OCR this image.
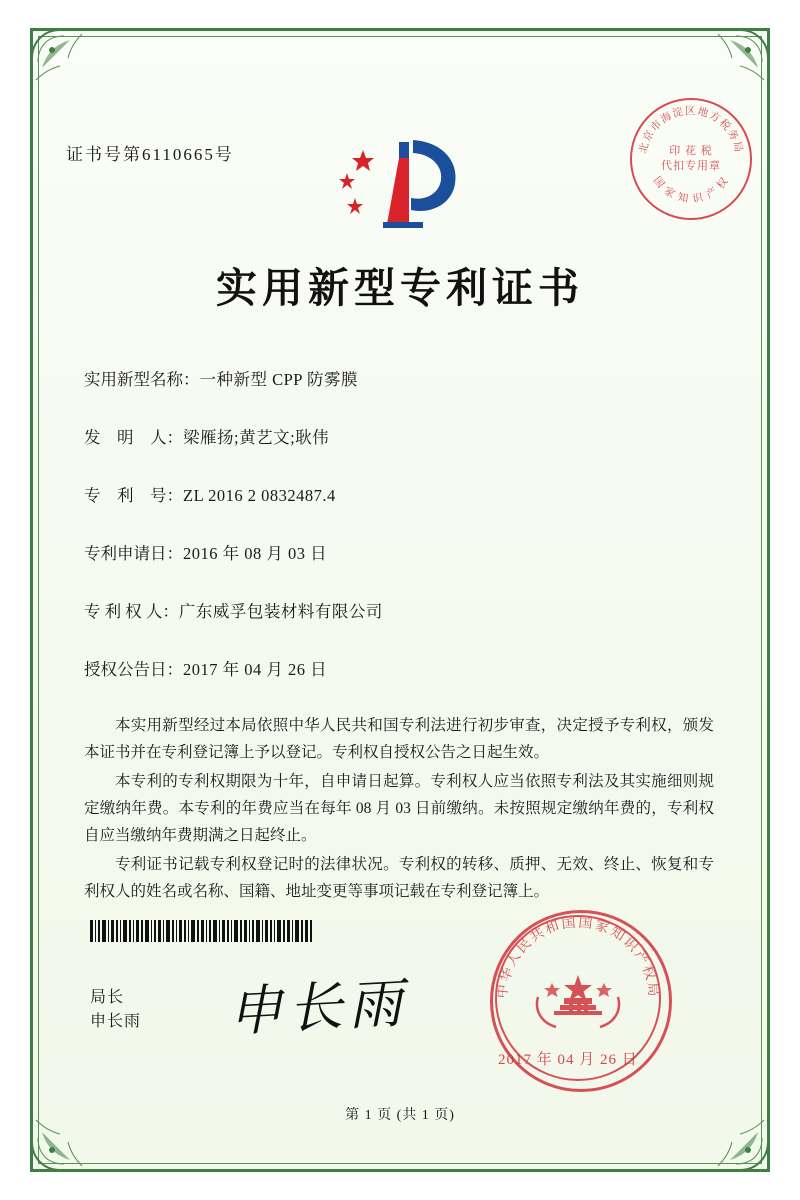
证书号第6110665号	北京市海淀区地方税务局
国 家 知 识 产 权
印 花 税
代扣专用章
实用新型专利证书
实用新型名称：一种新型 CPP 防雾膜
发　明　人：梁雁扬;黄艺文;耿伟
专　利　号：ZL 2016 2 0832487.4
专利申请日：2016 年 08 月 03 日
专 利 权 人：广东威孚包装材料有限公司
授权公告日：2017 年 04 月 26 日

本实用新型经过本局依照中华人民共和国专利法进行初步审查，决定授予专利权，颁发本证书并在专利登记簿上予以登记。专利权自授权公告之日起生效。

本专利的专利权期限为十年，自申请日起算。专利权人应当依照专利法及其实施细则规定缴纳年费。本专利的年费应当在每年 08 月 03 日前缴纳。未按照规定缴纳年费的，专利权自应当缴纳年费期满之日起终止。

专利证书记载专利权登记时的法律状况。专利权的转移、质押、无效、终止、恢复和专利权人的姓名或名称、国籍、地址变更等事项记载在专利登记簿上。

局长
申长雨 申长雨	中华人民共和国国家知识产权局
2017 年 04 月 26 日
第 1 页 (共 1 页)
